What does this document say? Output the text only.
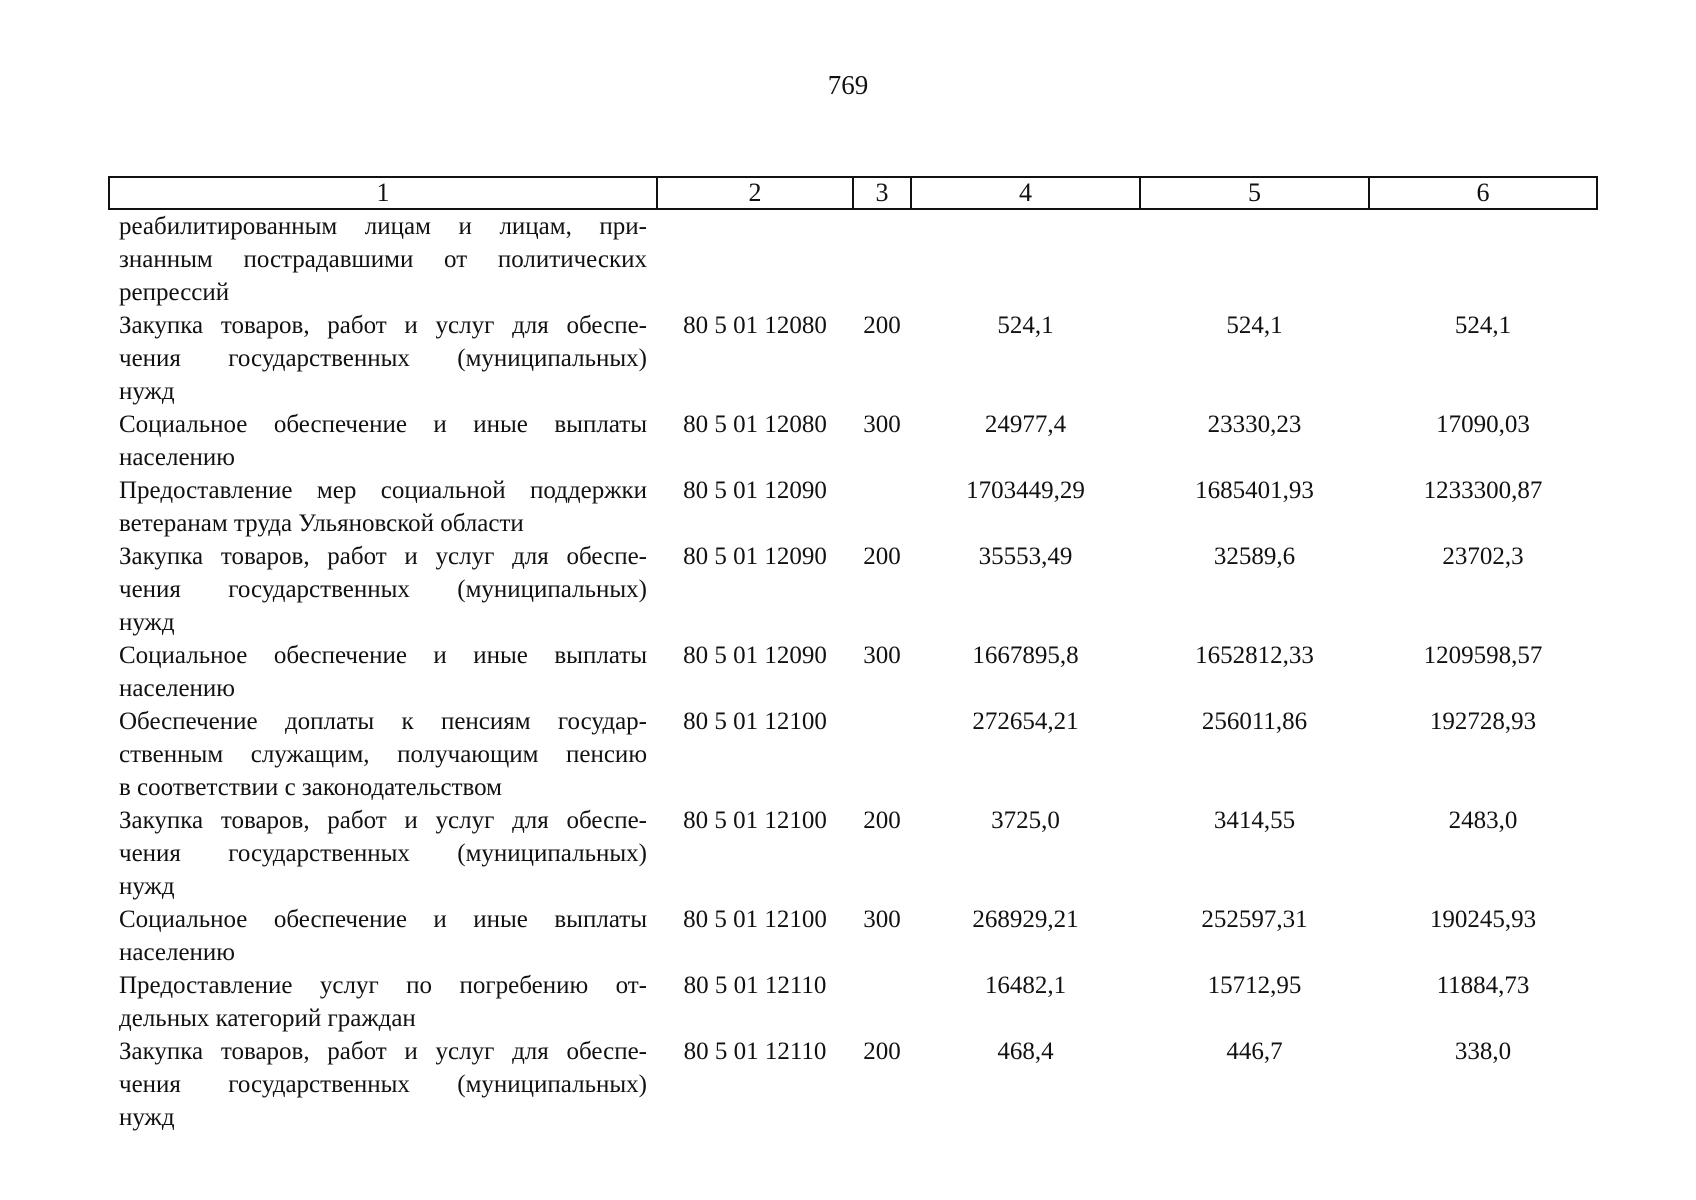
769
1	2	3	4	5	6

реабилитированным лицам и лицам, при-
знанным пострадавшими от политических
репрессий					

Закупка товаров, работ и услуг для обеспе-
чения государственных (муниципальных)
нужд	80 5 01 12080	200	524,1	524,1	524,1

Социальное обеспечение и иные выплаты
населению	80 5 01 12080	300	24977,4	23330,23	17090,03

Предоставление мер социальной поддержки
ветеранам труда Ульяновской области	80 5 01 12090		1703449,29	1685401,93	1233300,87

Закупка товаров, работ и услуг для обеспе-
чения государственных (муниципальных)
нужд	80 5 01 12090	200	35553,49	32589,6	23702,3

Социальное обеспечение и иные выплаты
населению	80 5 01 12090	300	1667895,8	1652812,33	1209598,57

Обеспечение доплаты к пенсиям государ-
ственным служащим, получающим пенсию
в соответствии с законодательством	80 5 01 12100		272654,21	256011,86	192728,93

Закупка товаров, работ и услуг для обеспе-
чения государственных (муниципальных)
нужд	80 5 01 12100	200	3725,0	3414,55	2483,0

Социальное обеспечение и иные выплаты
населению	80 5 01 12100	300	268929,21	252597,31	190245,93

Предоставление услуг по погребению от-
дельных категорий граждан	80 5 01 12110		16482,1	15712,95	11884,73

Закупка товаров, работ и услуг для обеспе-
чения государственных (муниципальных)
нужд	80 5 01 12110	200	468,4	446,7	338,0
